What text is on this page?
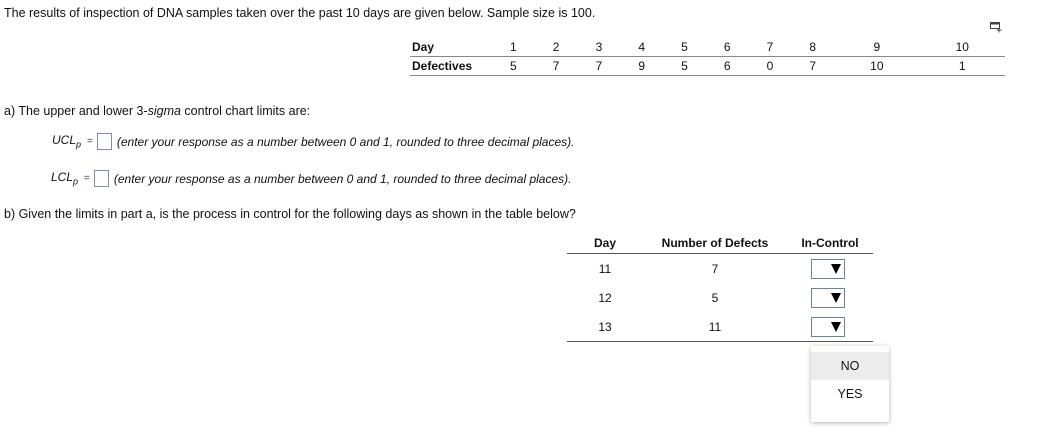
The results of inspection of DNA samples taken over the past 10 days are given below. Sample size is 100.
Day	1	2	3	4	5	6	7	8	9	10
Defectives	5	7	7	9	5	6	0	7	10	1
a) The upper and lower 3-sigma control chart limits are:
$UCL_p$ = (enter your response as a number between 0 and 1, rounded to three decimal places).
$LCL_p$ = (enter your response as a number between 0 and 1, rounded to three decimal places).
b) Given the limits in part a, is the process in control for the following days as shown in the table below?
Day	Number of Defects	In-Control
11	7	

12	5	

13	11	
NO
YES
